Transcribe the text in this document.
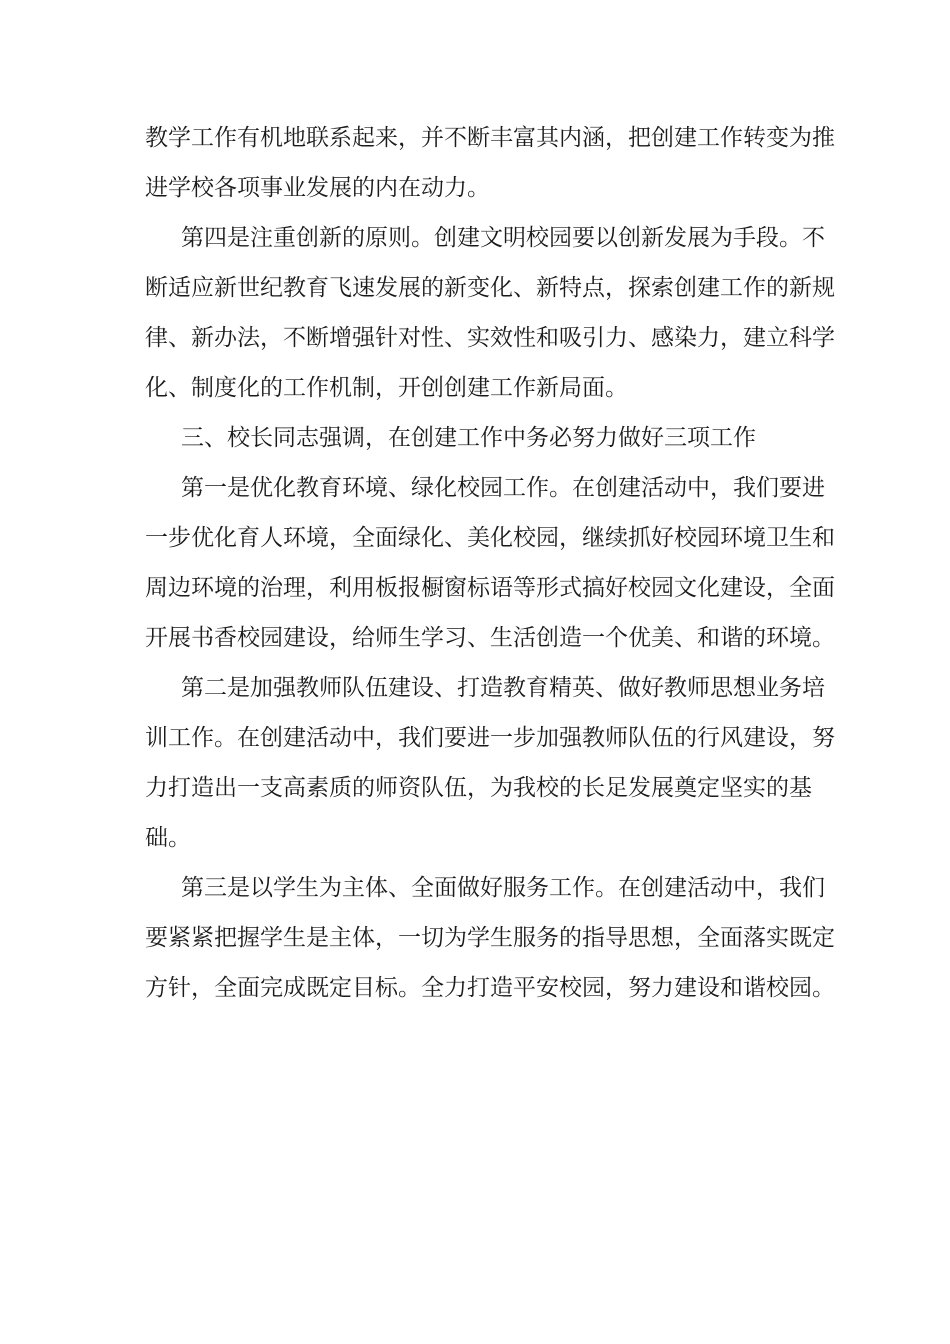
教学工作有机地联系起来，并不断丰富其内涵，把创建工作转变为推
进学校各项事业发展的内在动力。
第四是注重创新的原则。创建文明校园要以创新发展为手段。不
断适应新世纪教育飞速发展的新变化、新特点，探索创建工作的新规
律、新办法，不断增强针对性、实效性和吸引力、感染力，建立科学
化、制度化的工作机制，开创创建工作新局面。
三、校长同志强调，在创建工作中务必努力做好三项工作
第一是优化教育环境、绿化校园工作。在创建活动中，我们要进
一步优化育人环境，全面绿化、美化校园，继续抓好校园环境卫生和
周边环境的治理，利用板报橱窗标语等形式搞好校园文化建设，全面
开展书香校园建设，给师生学习、生活创造一个优美、和谐的环境。
第二是加强教师队伍建设、打造教育精英、做好教师思想业务培
训工作。在创建活动中，我们要进一步加强教师队伍的行风建设，努
力打造出一支高素质的师资队伍，为我校的长足发展奠定坚实的基
础。
第三是以学生为主体、全面做好服务工作。在创建活动中，我们
要紧紧把握学生是主体，一切为学生服务的指导思想，全面落实既定
方针，全面完成既定目标。全力打造平安校园，努力建设和谐校园。
